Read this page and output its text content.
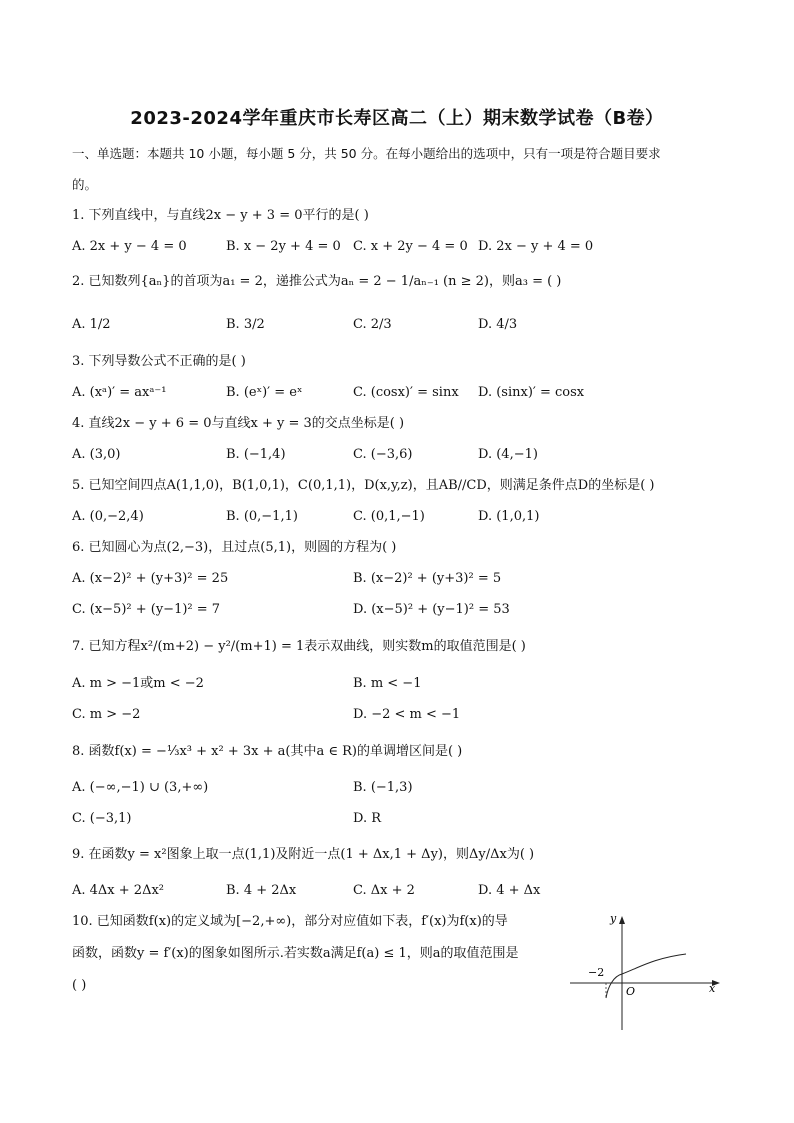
2023-2024学年重庆市长寿区高二（上）期末数学试卷（B卷）
一、单选题：本题共 10 小题，每小题 5 分，共 50 分。在每小题给出的选项中，只有一项是符合题目要求
的。
1. 下列直线中，与直线2x − y + 3 = 0平行的是( )
A. 2x + y − 4 = 0	B. x − 2y + 4 = 0 C. x + 2y − 4 = 0 D. 2x − y + 4 = 0
2. 已知数列{aₙ}的首项为a₁ = 2，递推公式为aₙ = 2 − 1/aₙ₋₁ (n ≥ 2)，则a₃ = ( )
A. 1/2	B. 3/2	C. 2/3	D. 4/3
3. 下列导数公式不正确的是( )
A. (xᵃ)′ = axᵃ⁻¹	B. (eˣ)′ = eˣ	C. (cosx)′ = sinx D. (sinx)′ = cosx
4. 直线2x − y + 6 = 0与直线x + y = 3的交点坐标是( )
A. (3,0)	B. (−1,4)	C. (−3,6)	D. (4,−1)
5. 已知空间四点A(1,1,0)，B(1,0,1)，C(0,1,1)，D(x,y,z)，且AB//CD，则满足条件点D的坐标是( )
A. (0,−2,4)	B. (0,−1,1)	C. (0,1,−1)	D. (1,0,1)
6. 已知圆心为点(2,−3)，且过点(5,1)，则圆的方程为( )
A. (x−2)² + (y+3)² = 25	B. (x−2)² + (y+3)² = 5
C. (x−5)² + (y−1)² = 7	D. (x−5)² + (y−1)² = 53
7. 已知方程x²/(m+2) − y²/(m+1) = 1表示双曲线，则实数m的取值范围是( )
A. m > −1或m < −2	B. m < −1
C. m > −2	D. −2 < m < −1
8. 函数f(x) = −⅓x³ + x² + 3x + a(其中a ∈ R)的单调增区间是( )
A. (−∞,−1) ∪ (3,+∞)	B. (−1,3)
C. (−3,1)	D. R
9. 在函数y = x²图象上取一点(1,1)及附近一点(1 + Δx,1 + Δy)，则Δy/Δx为( )
A. 4Δx + 2Δx²	B. 4 + 2Δx	C. Δx + 2	D. 4 + Δx
10. 已知函数f(x)的定义域为[−2,+∞)，部分对应值如下表，f′(x)为f(x)的导
函数，函数y = f′(x)的图象如图所示.若实数a满足f(a) ≤ 1，则a的取值范围是
( )
y
x
O
−2
